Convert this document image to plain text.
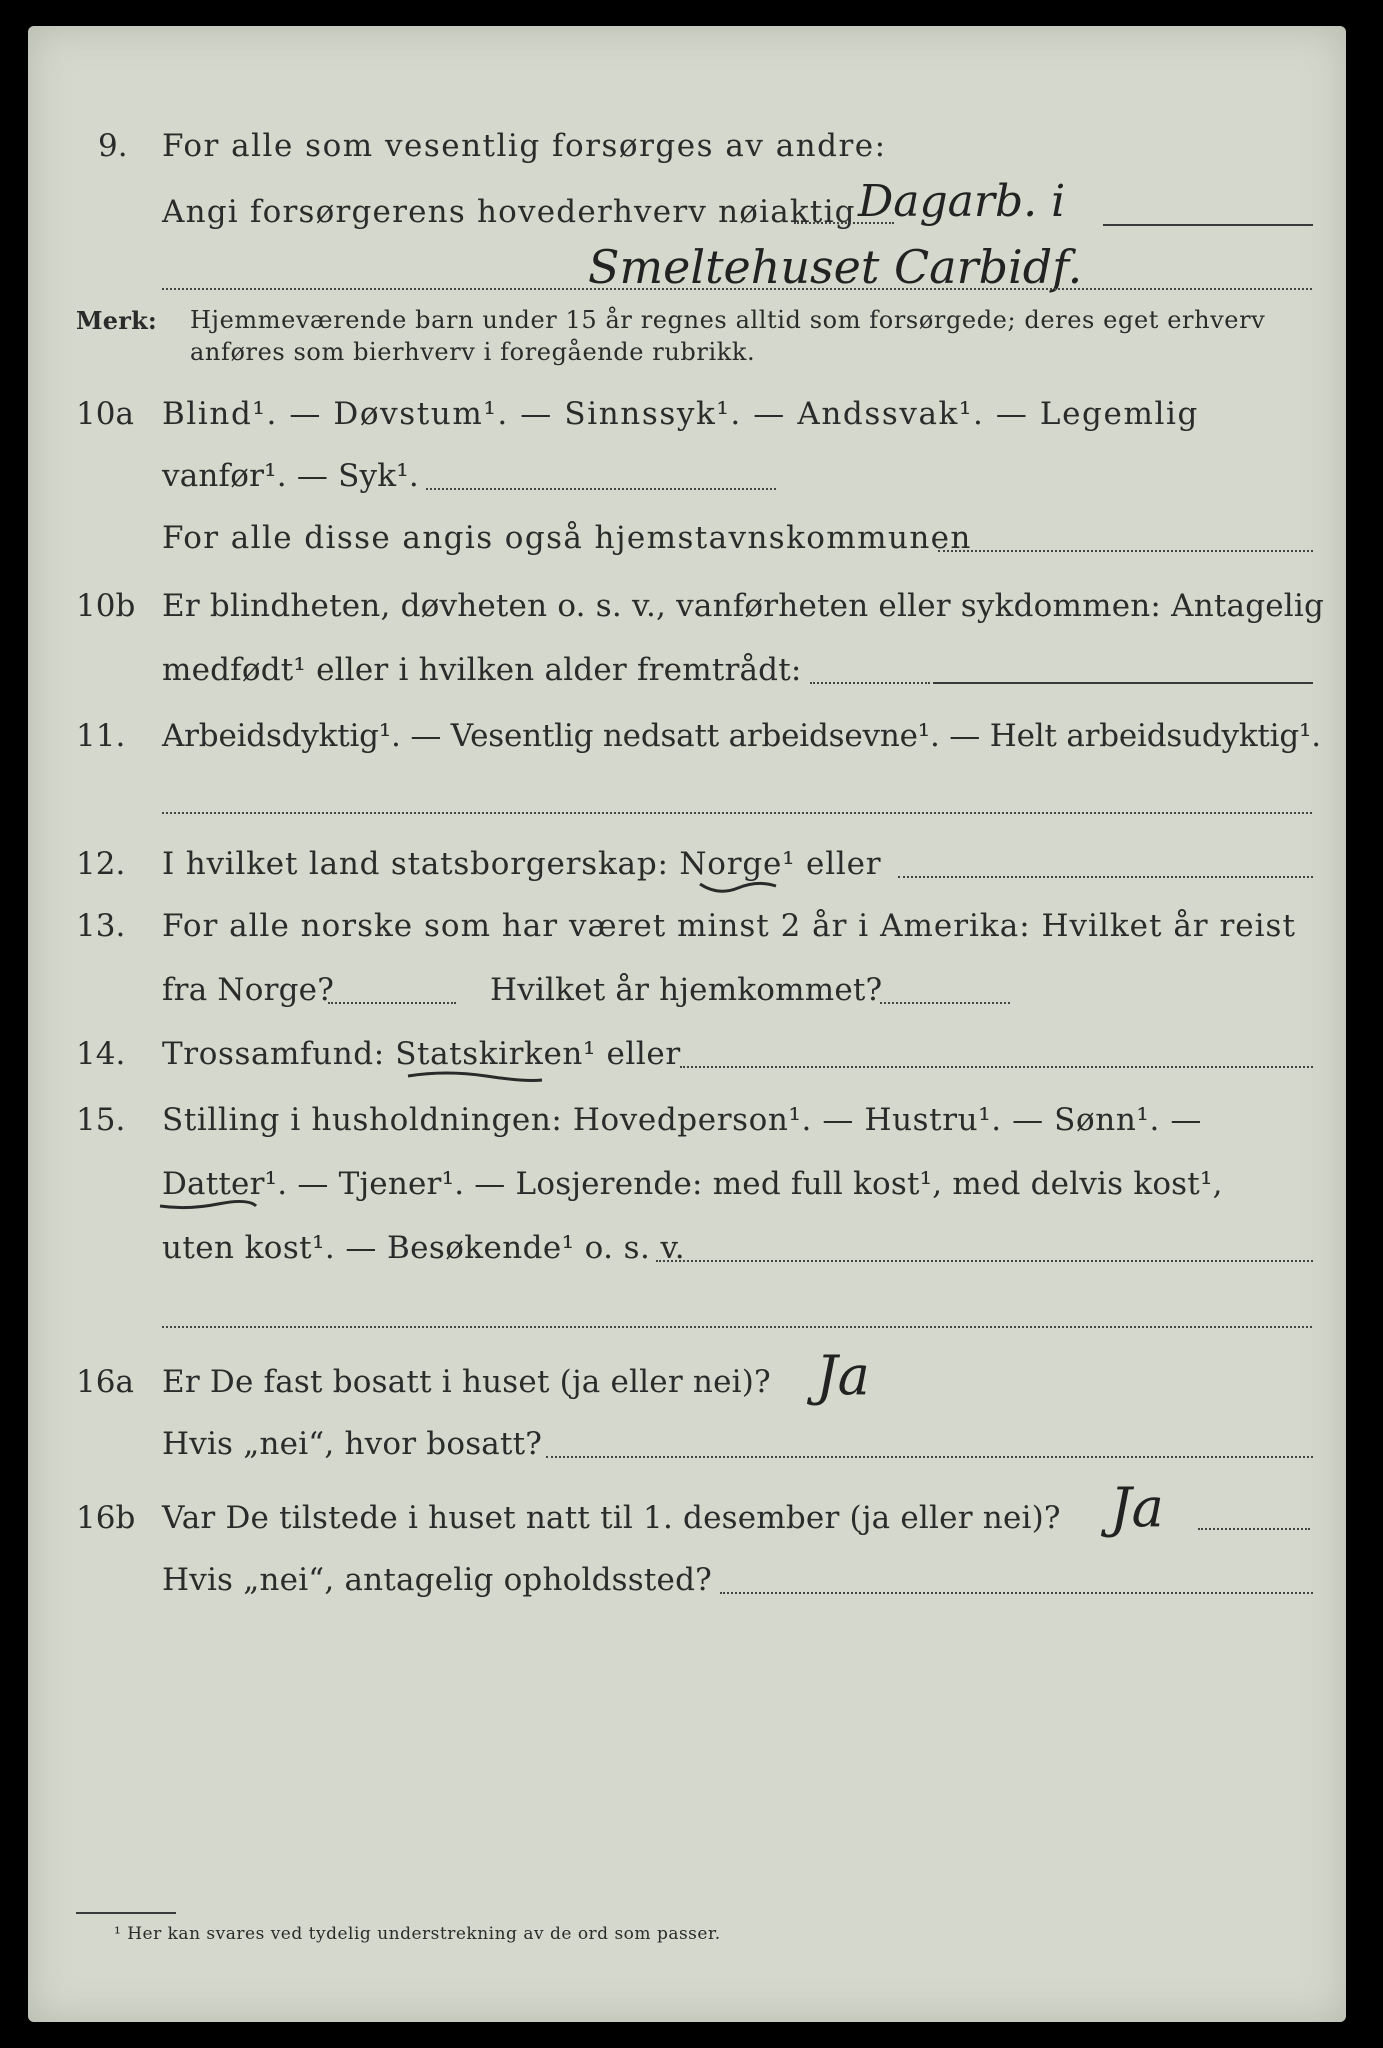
9. For alle som vesentlig forsørges av andre:
Angi forsørgerens hovederhverv nøiaktig Dagarb. i
Smeltehuset Carbidf.
Merk: Hjemmeværende barn under 15 år regnes alltid som forsørgede; deres eget erhverv
anføres som bierhverv i foregående rubrikk.
10a Blind¹. — Døvstum¹. — Sinnssyk¹. — Andssvak¹. — Legemlig
vanfør¹. — Syk¹.
For alle disse angis også hjemstavnskommunen
10b Er blindheten, døvheten o. s. v., vanførheten eller sykdommen: Antagelig
medfødt¹ eller i hvilken alder fremtrådt:
11. Arbeidsdyktig¹. — Vesentlig nedsatt arbeidsevne¹. — Helt arbeidsudyktig¹.
12. I hvilket land statsborgerskap: Norge¹ eller
13. For alle norske som har været minst 2 år i Amerika: Hvilket år reist
fra Norge?	Hvilket år hjemkommet?
14. Trossamfund: Statskirken¹ eller
15. Stilling i husholdningen: Hovedperson¹. — Hustru¹. — Sønn¹. —
Datter¹. — Tjener¹. — Losjerende: med full kost¹, med delvis kost¹,
uten kost¹. — Besøkende¹ o. s. v.
16a Er De fast bosatt i huset (ja eller nei)? Ja
Hvis „nei“, hvor bosatt?
16b Var De tilstede i huset natt til 1. desember (ja eller nei)? Ja
Hvis „nei“, antagelig opholdssted?
¹ Her kan svares ved tydelig understrekning av de ord som passer.
